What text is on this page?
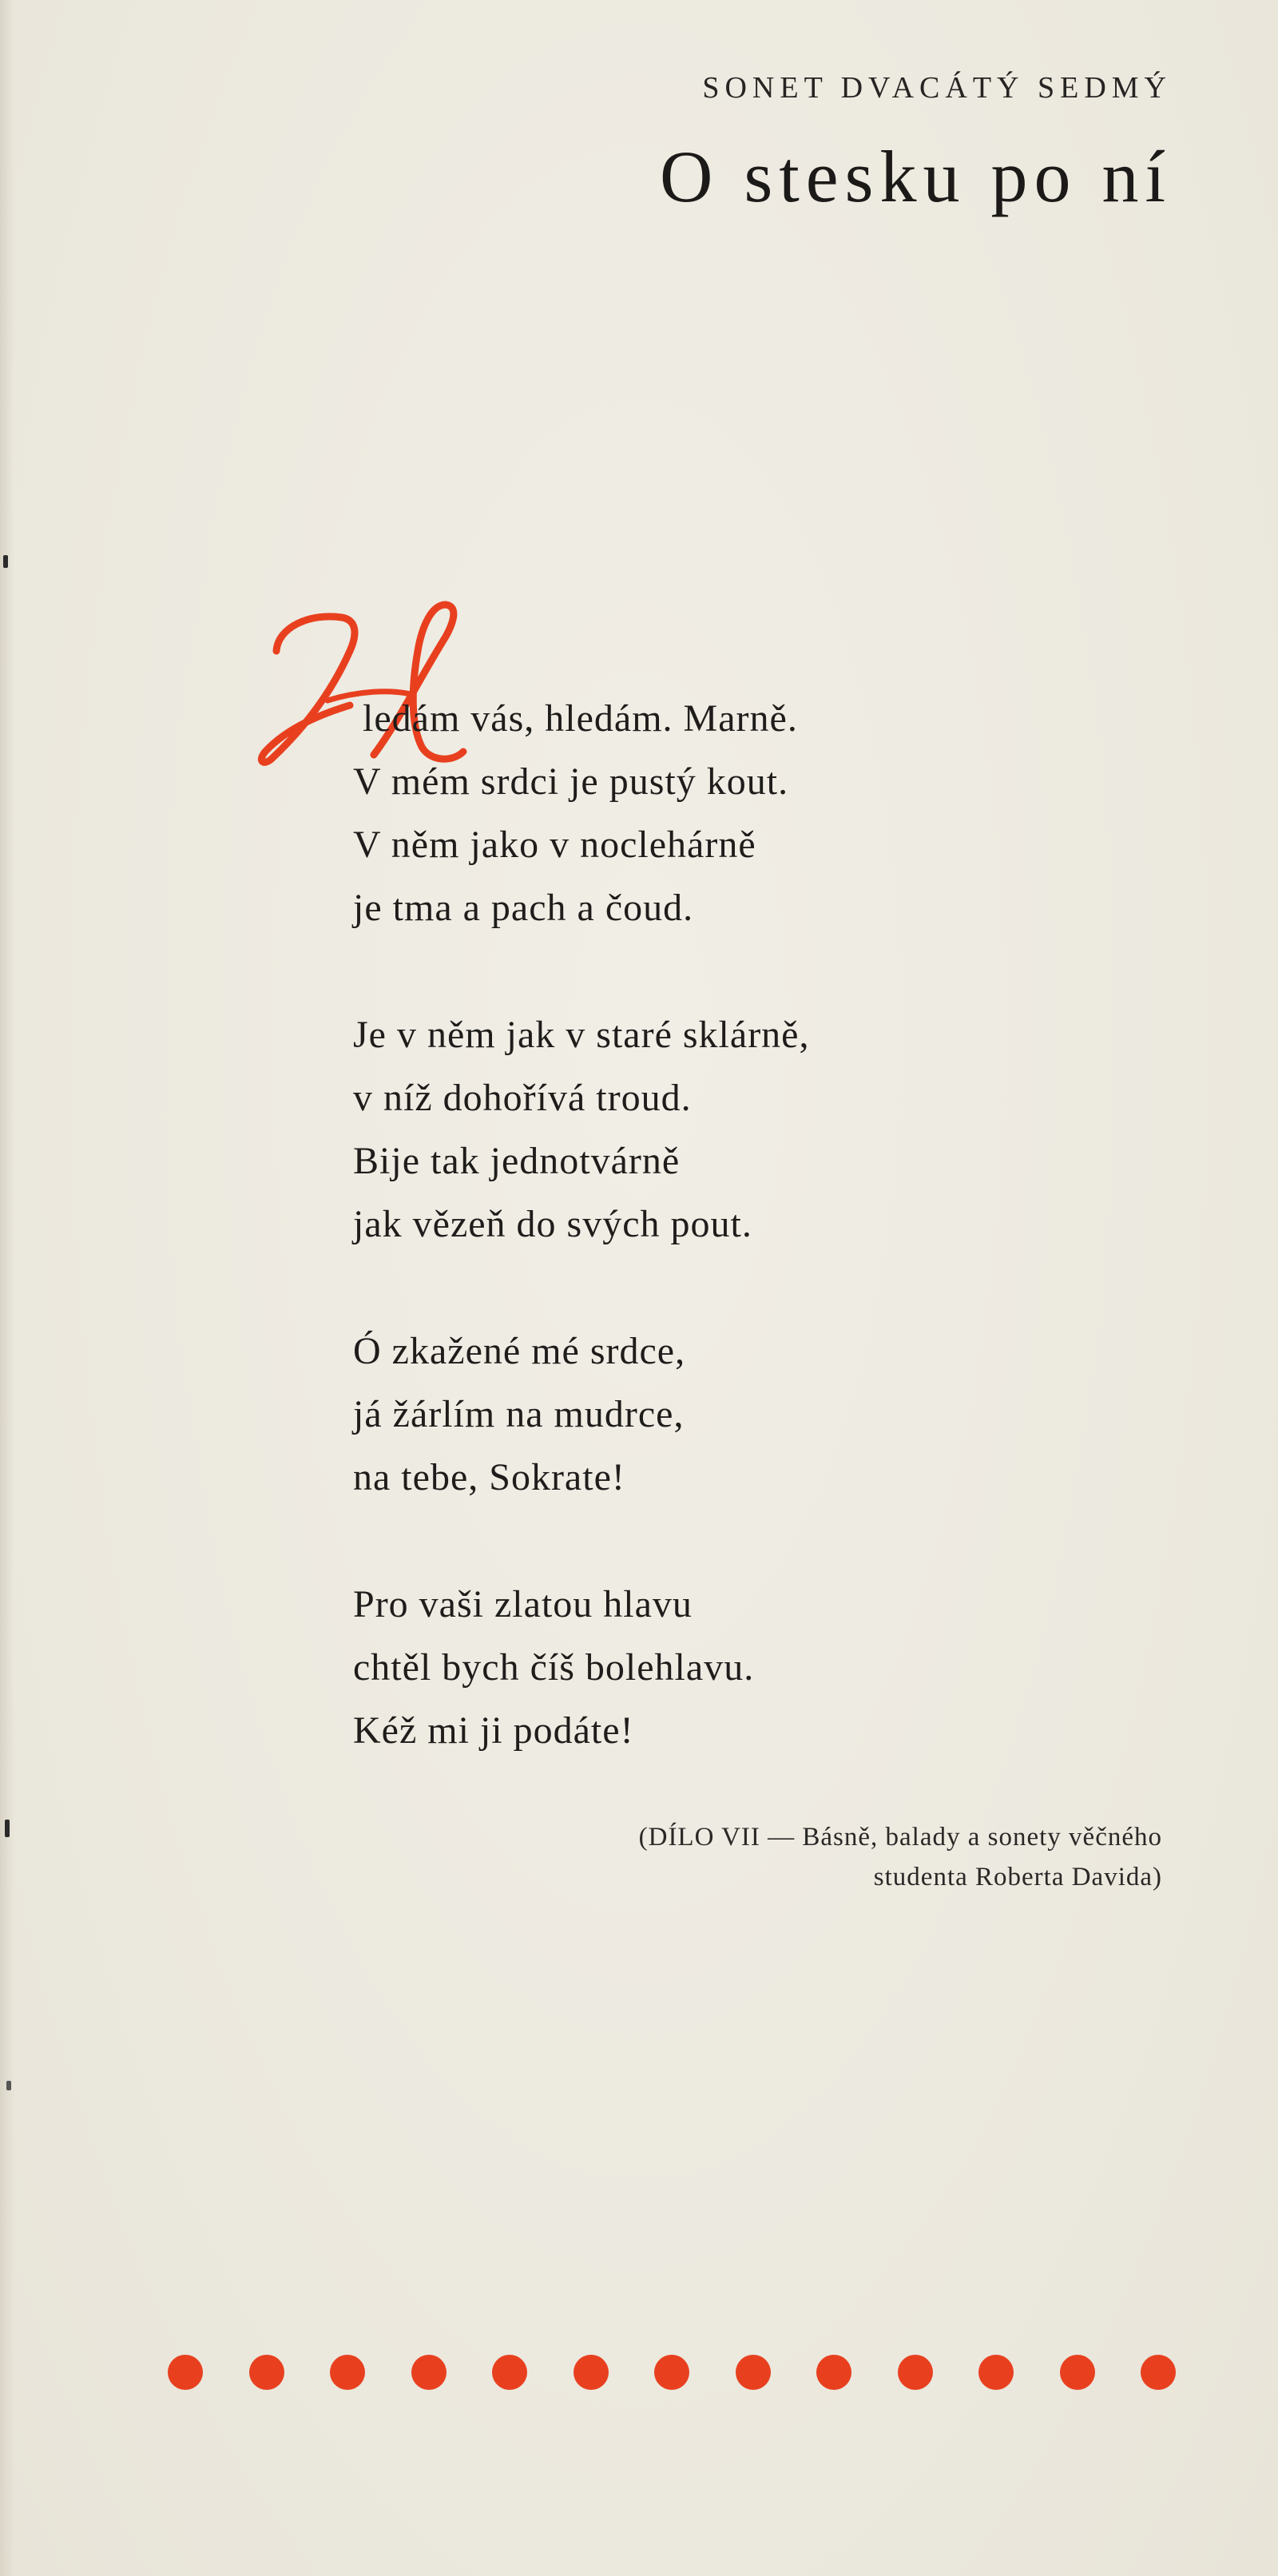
SONET DVACÁTÝ SEDMÝ
O stesku po ní
ledám vás, hledám. Marně.
V mém srdci je pustý kout.
V něm jako v noclehárně
je tma a pach a čoud.
Je v něm jak v staré sklárně,
v níž dohořívá troud.
Bije tak jednotvárně
jak vězeň do svých pout.
Ó zkažené mé srdce,
já žárlím na mudrce,
na tebe, Sokrate!
Pro vaši zlatou hlavu
chtěl bych číš bolehlavu.
Kéž mi ji podáte!
(DÍLO VII — Básně, balady a sonety věčného
studenta Roberta Davida)
